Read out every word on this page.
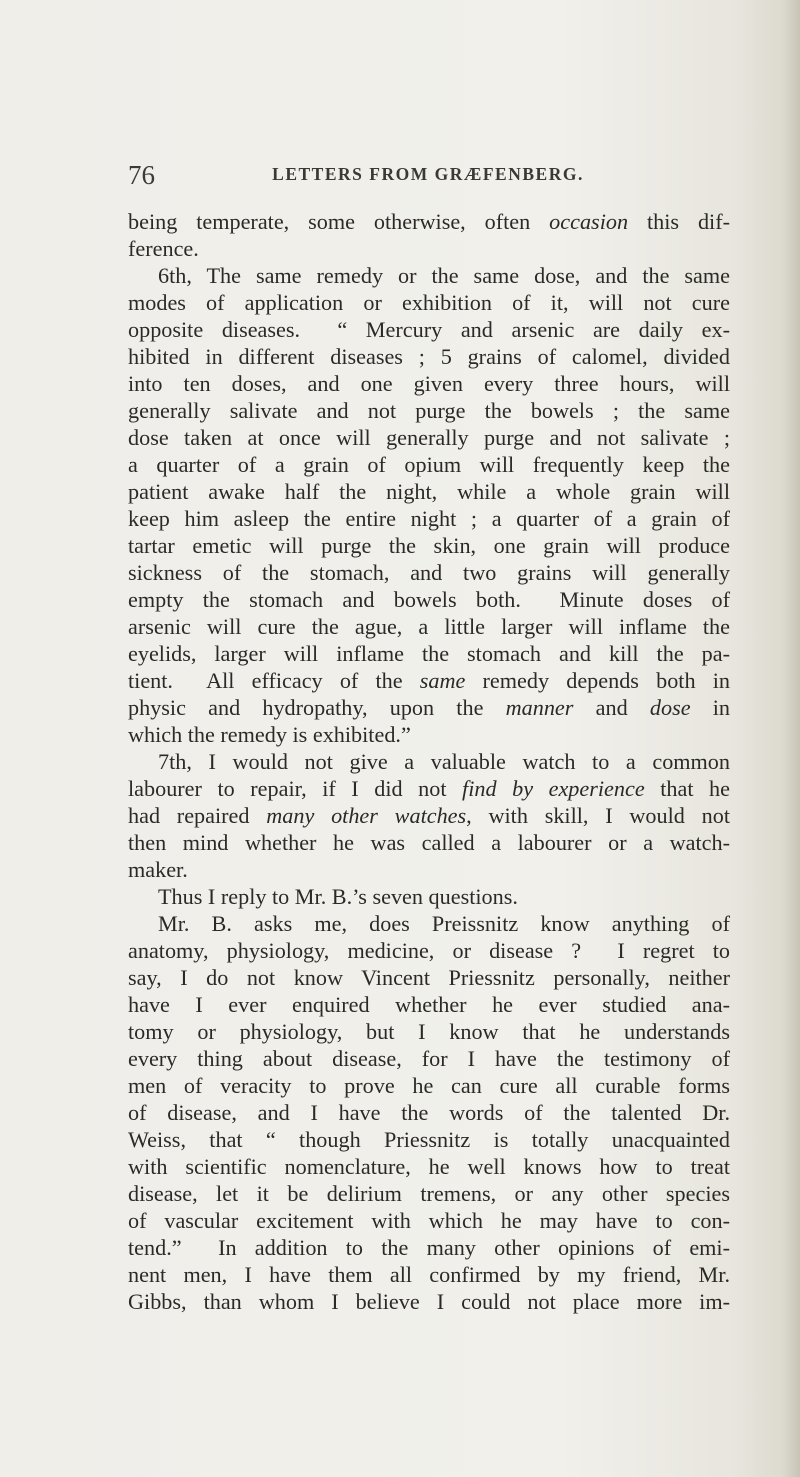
76	LETTERS FROM GRÆFENBERG.
being temperate, some otherwise, often occasion this dif-
ference.
6th, The same remedy or the same dose, and the same
modes of application or exhibition of it, will not cure
opposite diseases.  “ Mercury and arsenic are daily ex-
hibited in different diseases ; 5 grains of calomel, divided
into ten doses, and one given every three hours, will
generally salivate and not purge the bowels ; the same
dose taken at once will generally purge and not salivate ;
a quarter of a grain of opium will frequently keep the
patient awake half the night, while a whole grain will
keep him asleep the entire night ; a quarter of a grain of
tartar emetic will purge the skin, one grain will produce
sickness of the stomach, and two grains will generally
empty the stomach and bowels both.  Minute doses of
arsenic will cure the ague, a little larger will inflame the
eyelids, larger will inflame the stomach and kill the pa-
tient.  All efficacy of the same remedy depends both in
physic and hydropathy, upon the manner and dose in
which the remedy is exhibited.”
7th, I would not give a valuable watch to a common
labourer to repair, if I did not find by experience that he
had repaired many other watches, with skill, I would not
then mind whether he was called a labourer or a watch-
maker.
Thus I reply to Mr. B.’s seven questions.
Mr. B. asks me, does Preissnitz know anything of
anatomy, physiology, medicine, or disease ?  I regret to
say, I do not know Vincent Priessnitz personally, neither
have I ever enquired whether he ever studied ana-
tomy or physiology, but I know that he understands
every thing about disease, for I have the testimony of
men of veracity to prove he can cure all curable forms
of disease, and I have the words of the talented Dr.
Weiss, that “ though Priessnitz is totally unacquainted
with scientific nomenclature, he well knows how to treat
disease, let it be delirium tremens, or any other species
of vascular excitement with which he may have to con-
tend.”  In addition to the many other opinions of emi-
nent men, I have them all confirmed by my friend, Mr.
Gibbs, than whom I believe I could not place more im-
